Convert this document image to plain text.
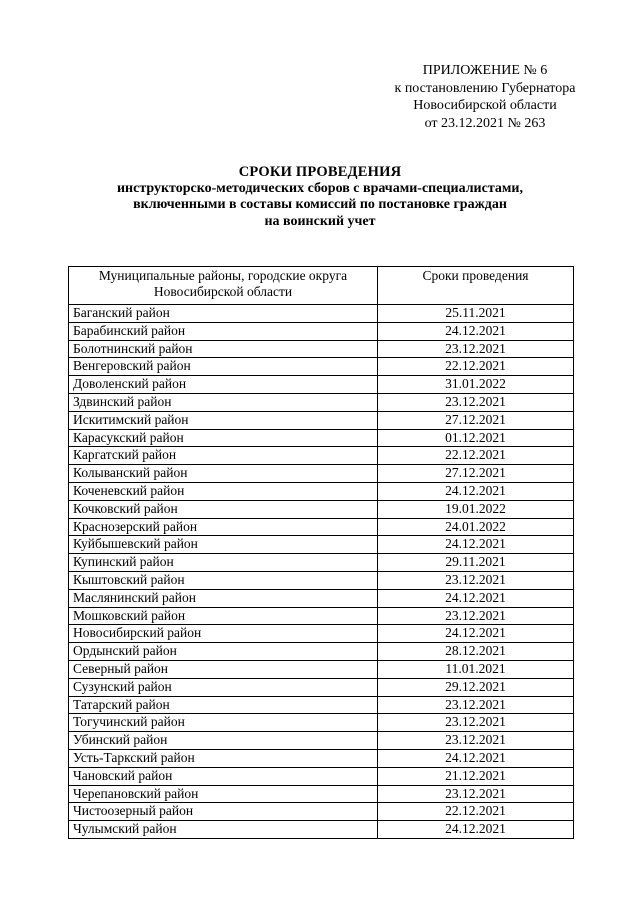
ПРИЛОЖЕНИЕ № 6
к постановлению Губернатора
Новосибирской области
от 23.12.2021 № 263
СРОКИ ПРОВЕДЕНИЯ
инструкторско-методических сборов с врачами-специалистами,
включенными в составы комиссий по постановке граждан
на воинский учет
Муниципальные районы, городские округа Новосибирской области	Сроки проведения
Баганский район	25.11.2021
Барабинский район	24.12.2021
Болотнинский район	23.12.2021
Венгеровский район	22.12.2021
Доволенский район	31.01.2022
Здвинский район	23.12.2021
Искитимский район	27.12.2021
Карасукский район	01.12.2021
Каргатский район	22.12.2021
Колыванский район	27.12.2021
Коченевский район	24.12.2021
Кочковский район	19.01.2022
Краснозерский район	24.01.2022
Куйбышевский район	24.12.2021
Купинский район	29.11.2021
Кыштовский район	23.12.2021
Маслянинский район	24.12.2021
Мошковский район	23.12.2021
Новосибирский район	24.12.2021
Ордынский район	28.12.2021
Северный район	11.01.2021
Сузунский район	29.12.2021
Татарский район	23.12.2021
Тогучинский район	23.12.2021
Убинский район	23.12.2021
Усть-Таркский район	24.12.2021
Чановский район	21.12.2021
Черепановский район	23.12.2021
Чистоозерный район	22.12.2021
Чулымский район	24.12.2021
